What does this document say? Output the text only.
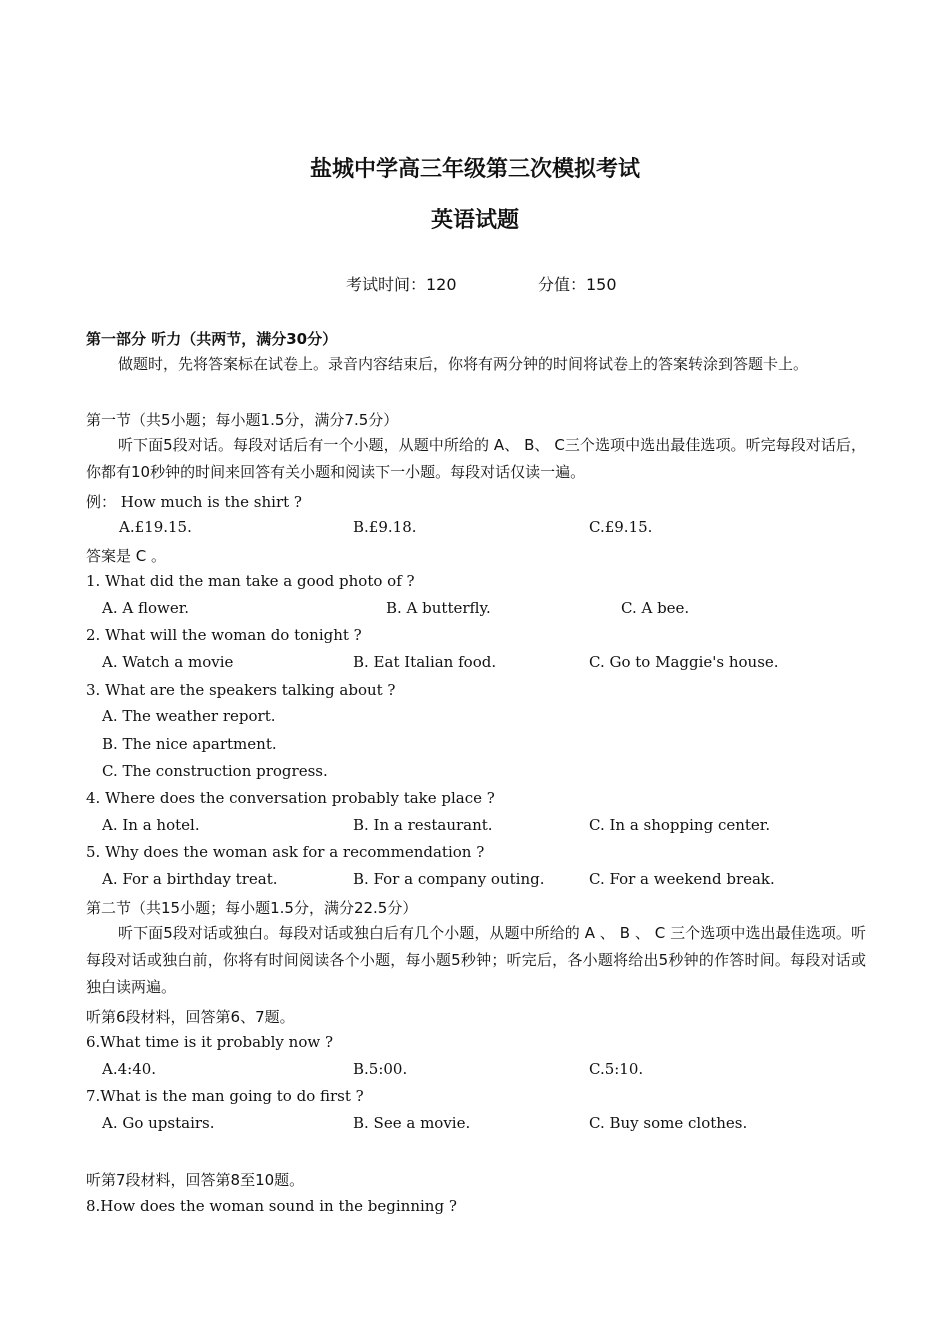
盐城中学高三年级第三次模拟考试
英语试题
考试时间：120	分值：150
第一部分 听力（共两节，满分30分）
做题时，先将答案标在试卷上。录音内容结束后，你将有两分钟的时间将试卷上的答案转涂到答题卡上。
第一节（共5小题；每小题1.5分，满分7.5分）
听下面5段对话。每段对话后有一个小题，从题中所给的 A、 B、 C三个选项中选出最佳选项。听完每段对话后，你都有10秒钟的时间来回答有关小题和阅读下一小题。每段对话仅读一遍。
例： How much is the shirt ?
A.£19.15.	B.£9.18.	C.£9.15.
答案是 C 。
1. What did the man take a good photo of ?
A. A flower.	B. A butterfly.	C. A bee.
2. What will the woman do tonight ?
A. Watch a movie	B. Eat Italian food.	C. Go to Maggie's house.
3. What are the speakers talking about ?
A. The weather report.
B. The nice apartment.
C. The construction progress.
4. Where does the conversation probably take place ?
A. In a hotel.	B. In a restaurant.	C. In a shopping center.
5. Why does the woman ask for a recommendation ?
A. For a birthday treat.	B. For a company outing.	C. For a weekend break.
第二节（共15小题；每小题1.5分，满分22.5分）
听下面5段对话或独白。每段对话或独白后有几个小题，从题中所给的 A 、 B 、 C 三个选项中选出最佳选项。听每段对话或独白前，你将有时间阅读各个小题，每小题5秒钟；听完后，各小题将给出5秒钟的作答时间。每段对话或独白读两遍。
听第6段材料，回答第6、7题。
6.What time is it probably now ?
A.4:40.	B.5:00.	C.5:10.
7.What is the man going to do first ?
A. Go upstairs.	B. See a movie.	C. Buy some clothes.
听第7段材料，回答第8至10题。
8.How does the woman sound in the beginning ?
